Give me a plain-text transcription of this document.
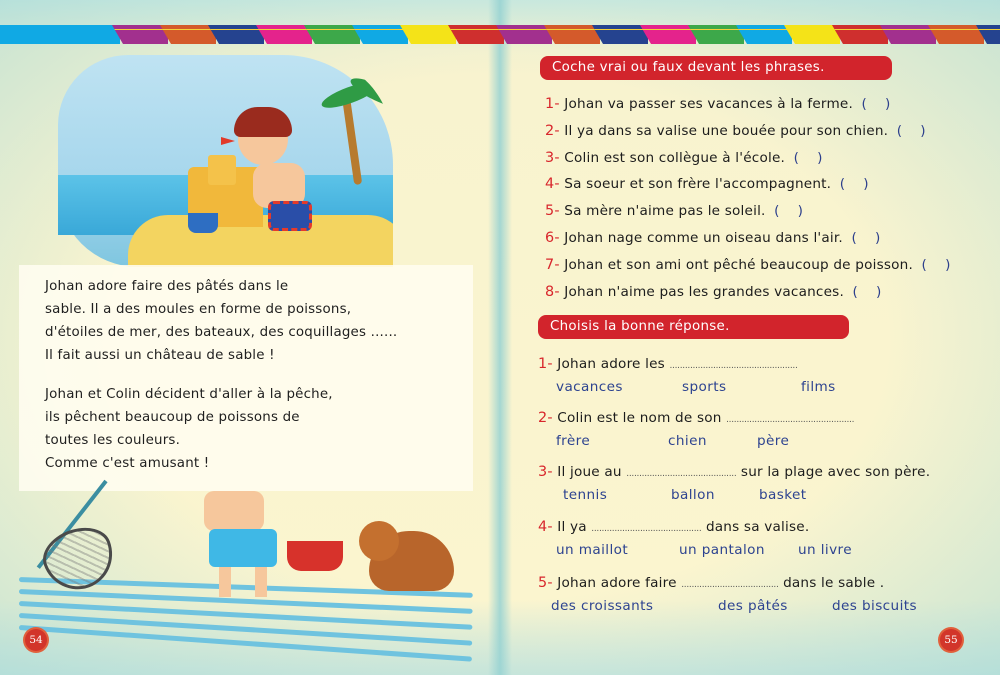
Johan adore faire des pâtés dans le

sable. Il a des moules en forme de poissons,

d'étoiles de mer, des bateaux, des coquillages ......

Il fait aussi un château de sable !

Johan et Colin décident d'aller à la pêche,

ils pêchent beaucoup de poissons de

toutes les couleurs.

Comme c'est amusant !

54
Coche vrai ou faux devant les phrases.
1- Johan va passer ses vacances à la ferme. ( )
2- Il ya dans sa valise une bouée pour son chien. ( )
3- Colin est son collègue à l'école. ( )
4- Sa soeur et son frère l'accompagnent. ( )
5- Sa mère n'aime pas le soleil. ( )
6- Johan nage comme un oiseau dans l'air. ( )
7- Johan et son ami ont pêché beaucoup de poisson. ( )
8- Johan n'aime pas les grandes vacances. ( )
Choisis la bonne réponse.
1- Johan adore les ..................................................
vacances	sports	films
2- Colin est le nom de son ..................................................
frère	chien	père
3- Il joue au ........................................... sur la plage avec son père.
tennis	ballon	basket
4- Il ya ........................................... dans sa valise.
un maillot	un pantalon un livre
5- Johan adore faire ...................................... dans le sable .
des croissants	des pâtés	des biscuits
55
